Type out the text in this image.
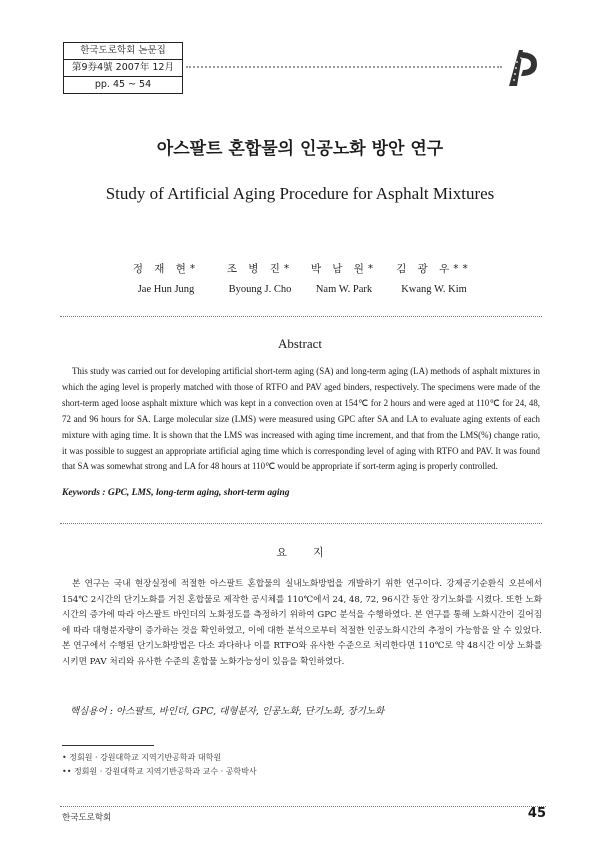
한국도로학회 논문집
第9券4號 2007年 12月
pp. 45 ~ 54
아스팔트 혼합물의 인공노화 방안 연구
Study of Artificial Aging Procedure for Asphalt Mixtures
정 재 현*
Jae Hun Jung
조 병 진*
Byoung J. Cho
박 남 원*
Nam W. Park
김 광 우**
Kwang W. Kim
Abstract
This study was carried out for developing artificial short-term aging (SA) and long-term aging (LA) methods of asphalt mixtures in which the aging level is properly matched with those of RTFO and PAV aged binders, respectively. The specimens were made of the short-term aged loose asphalt mixture which was kept in a convection oven at 154℃ for 2 hours and were aged at 110℃ for 24, 48, 72 and 96 hours for SA. Large molecular size (LMS) were measured using GPC after SA and LA to evaluate aging extents of each mixture with aging time. It is shown that the LMS was increased with aging time increment, and that from the LMS(%) change ratio, it was possible to suggest an appropriate artificial aging time which is corresponding level of aging with RTFO and PAV. It was found that SA was somewhat strong and LA for 48 hours at 110℃ would be appropriate if sort-term aging is properly controlled.
Keywords : GPC, LMS, long-term aging, short-term aging
요지
본 연구는 국내 현장실정에 적절한 아스팔트 혼합물의 실내노화방법을 개발하기 위한 연구이다. 강제공기순환식 오븐에서 154℃ 2시간의 단기노화를 거친 혼합물로 제작한 공시체를 110℃에서 24, 48, 72, 96시간 동안 장기노화를 시켰다. 또한 노화시간의 증가에 따라 아스팔트 바인더의 노화정도를 측정하기 위하여 GPC 분석을 수행하였다. 본 연구를 통해 노화시간이 길어짐에 따라 대형분자량이 증가하는 것을 확인하였고, 이에 대한 분석으로부터 적절한 인공노화시간의 추정이 가능함을 알 수 있었다. 본 연구에서 수행된 단기노화방법은 다소 과다하나 이를 RTFO와 유사한 수준으로 처리한다면 110℃로 약 48시간 이상 노화를 시키면 PAV 처리와 유사한 수준의 혼합물 노화가능성이 있음을 확인하였다.
핵심용어 : 아스팔트, 바인더, GPC, 대형분자, 인공노화, 단기노화, 장기노화
• 정회원 · 강원대학교 지역기반공학과 대학원
•• 정회원 · 강원대학교 지역기반공학과 교수 · 공학박사
한국도로학회	45
